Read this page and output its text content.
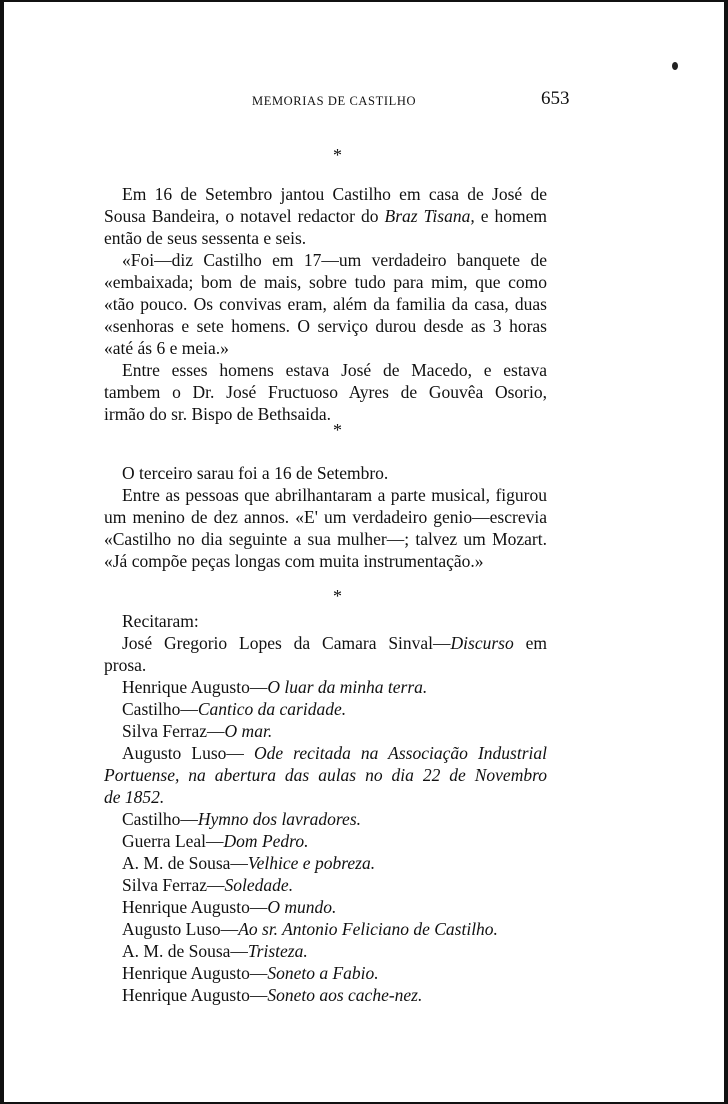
MEMORIAS DE CASTILHO	653
*

Em 16 de Setembro jantou Castilho em casa de José de

Sousa Bandeira, o notavel redactor do Braz Tisana, e homem

então de seus sessenta e seis.

«Foi—diz Castilho em 17—um verdadeiro banquete de

«embaixada; bom de mais, sobre tudo para mim, que como

«tão pouco. Os convivas eram, além da familia da casa, duas

«senhoras e sete homens. O serviço durou desde as 3 horas

«até ás 6 e meia.»

Entre esses homens estava José de Macedo, e estava

tambem o Dr. José Fructuoso Ayres de Gouvêa Osorio,

irmão do sr. Bispo de Bethsaida.

*

O terceiro sarau foi a 16 de Setembro.

Entre as pessoas que abrilhantaram a parte musical, figurou

um menino de dez annos. «E' um verdadeiro genio—escrevia

«Castilho no dia seguinte a sua mulher—; talvez um Mozart.

«Já compõe peças longas com muita instrumentação.»

*

Recitaram:

José Gregorio Lopes da Camara Sinval—Discurso em

prosa.

Henrique Augusto—O luar da minha terra.

Castilho—Cantico da caridade.

Silva Ferraz—O mar.

Augusto Luso— Ode recitada na Associação Industrial

Portuense, na abertura das aulas no dia 22 de Novembro

de 1852.

Castilho—Hymno dos lavradores.

Guerra Leal—Dom Pedro.

A. M. de Sousa—Velhice e pobreza.

Silva Ferraz—Soledade.

Henrique Augusto—O mundo.

Augusto Luso—Ao sr. Antonio Feliciano de Castilho.

A. M. de Sousa—Tristeza.

Henrique Augusto—Soneto a Fabio.

Henrique Augusto—Soneto aos cache-nez.
